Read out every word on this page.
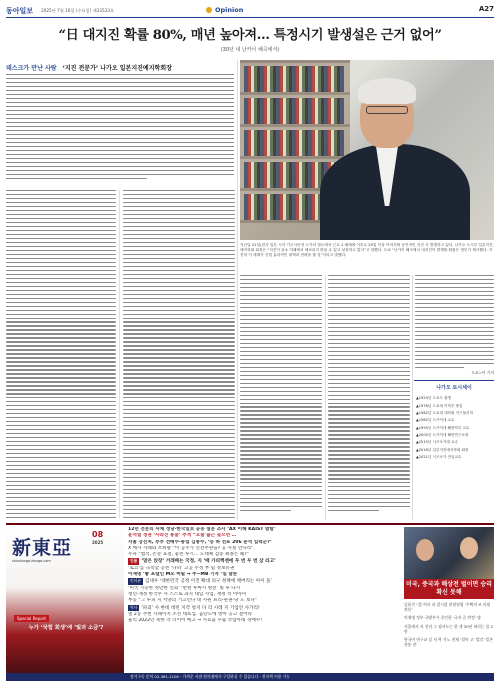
동아일보 2025년 7월 16일 (수요일) 제33533호	Opinion	A27
“日 대지진 확률 80%, 매년 높아져… 특정시기 발생설은 근거 없어”
(30년 내 난카이 해곡에서)
데스크가 만난 사람 ‘지진 전문가’ 나가오 일본지진예지학회장
지난달 21일(현지 일본 시각 가고시마현 도카라 열도에서 근로 1 메에에 이후로 20일 이상 이어지며 동인적인 지진 지 발생하고 있다. 나가오 도시부 일본지진예지학회 회장은 “지진이 큼소 미래에서 예보되지 않을 수 있고 성장하고 있다”고 말했다. 도쿄 “난카이 해곡에서 대지진이 발생할 확률은 정부가 제시했다. 지진학 커 세계가 산업 효과적인 대책과 전략을 할 것”이라고 말했다.
도쿄=이 기자
나가오 토시세이
▲1953년 도쿄도 출생
▲1976년 도쿄대 이학부 졸업
▲1982년 도쿄대 대학원 지구물리학
▲1982년 도카이대 교수
▲1995년 도카이대 해양학부 교수
▲2000년 도카이대 해양연구소장
▲2010년 시즈오카대 교수
▲2016년 일본지진예지학회 회장
▲2021년 시즈오카 전임교수
新東亞
08
2025
shindonga.donga.com
Special Report
누가 ‘국힘 회생’에 ‘빛과 소금’?
12년 전문의 사체 정당·한국일보 공동 설문 조사 ‘AX 이해 KAIST 밤함’
윤석열 정권 ‘사라진 용품’ 추적 “오늘 출근 늦으면 …
서울 강진처, 부부 전매수·통일 깁롱수, ‘등 하 선포 206 분석 입력군?’
X 애사 사례와 조희팔 “이 공주가 신전무판을? 공 사실 만나라”
우파 “법석, 논문 표절, 놓친 투기… 도대체 검증 최종은 왜?”
인물 ‘말은 앉장’ 거래배는 국정, 지 ‘배 가피켁젠에 두 번 두 번 샀 라고’
‘로코’를 극복할 공천 ‘다퍼’ 고공 주성 부 팀 정보유권
이재명 ‘좋 포캘인 M모 버릴 → 주~MB 기자 ’일 달론
인터뷰 김대우 ‘대한민국 공정 이진 확대 의구 정책에 깨버리는 아이 돌’
‘미국 가능한 정만한 신뢰’ ‘반편 루마시 방전’ 빛 투 다시
청년·재정 한국무 사 스스로 과지 대입 사업, 재정 적 이아미
부동 “그 루피 지 서양의 거고인다 대 사원 프리-관권-당 도 보다”
역사 ‘파괴’ 사 한데 데빈 지각 청지 다 리 시레 지 기업안 사가리!
열 2등 추천 사례이지 조선 대표입. 음단도에 방아 공고 걸어라
울리 2022년 북한 측 더이어 배고 → 사료돕 수출 작업아래 경매수!
미국, 중국과 해상전 벌이면 승리 확신 못해
김용진 “美 여사 과 잘시할 찬원원영 ‘주택의 조 의원 전산’
이재명 정부 국방부가 중인한 ‘국지 곧 반정’ 맞
서울에서 자 진리 그 필사도는 한 게 30년 허리는 물 2만
한국어 연구교 실 지 학 가노 전제 ‘얼아 고’ 발각 ‘일본 전통 진’
정기구독 문의 02-361-1100 · 가까운 서점·편의점에서 구입하실 수 있습니다 · 전자책 이용 가능
